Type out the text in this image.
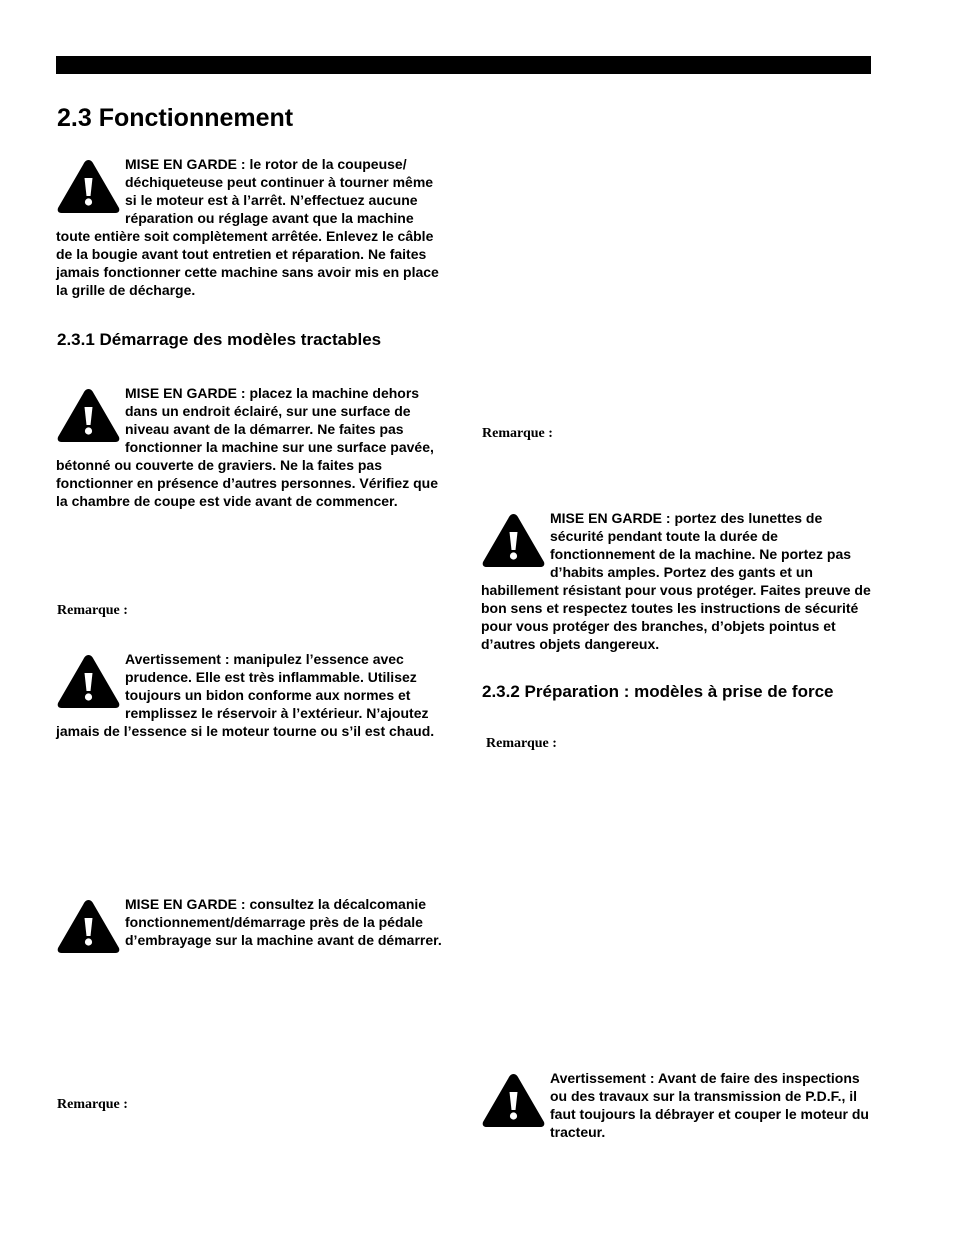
2.3 Fonctionnement

MISE EN GARDE : le rotor de la coupeuse/ déchiqueteuse peut continuer à tourner même si le moteur est à l’arrêt. N’effectuez aucune réparation ou réglage avant que la machine toute entière soit complètement arrêtée. Enlevez le câble de la bougie avant tout entretien et réparation. Ne faites jamais fonctionner cette machine sans avoir mis en place la grille de décharge.

2.3.1 Démarrage des modèles tractables

MISE EN GARDE : placez la machine dehors dans un endroit éclairé, sur une surface de niveau avant de la démarrer. Ne faites pas fonctionner la machine sur une surface pavée, bétonné ou couverte de graviers. Ne la faites pas fonctionner en présence d’autres personnes. Vérifiez que la chambre de coupe est vide avant de commencer.

Remarque :

Avertissement : manipulez l’essence avec prudence. Elle est très inflammable. Utilisez toujours un bidon conforme aux normes et remplissez le réservoir à l’extérieur. N’ajoutez jamais de l’essence si le moteur tourne ou s’il est chaud.

MISE EN GARDE : consultez la décalcomanie fonctionnement/démarrage près de la pédale d’embrayage sur la machine avant de démarrer.

Remarque :
Remarque :

MISE EN GARDE : portez des lunettes de sécurité pendant toute la durée de fonctionnement de la machine. Ne portez pas d’habits amples. Portez des gants et un habillement résistant pour vous protéger. Faites preuve de bon sens et respectez toutes les instructions de sécurité pour vous protéger des branches, d’objets pointus et d’autres objets dangereux.

2.3.2 Préparation : modèles à prise de force
Remarque :

Avertissement : Avant de faire des inspections ou des travaux sur la transmission de P.D.F., il faut toujours la débrayer et couper le moteur du tracteur.
